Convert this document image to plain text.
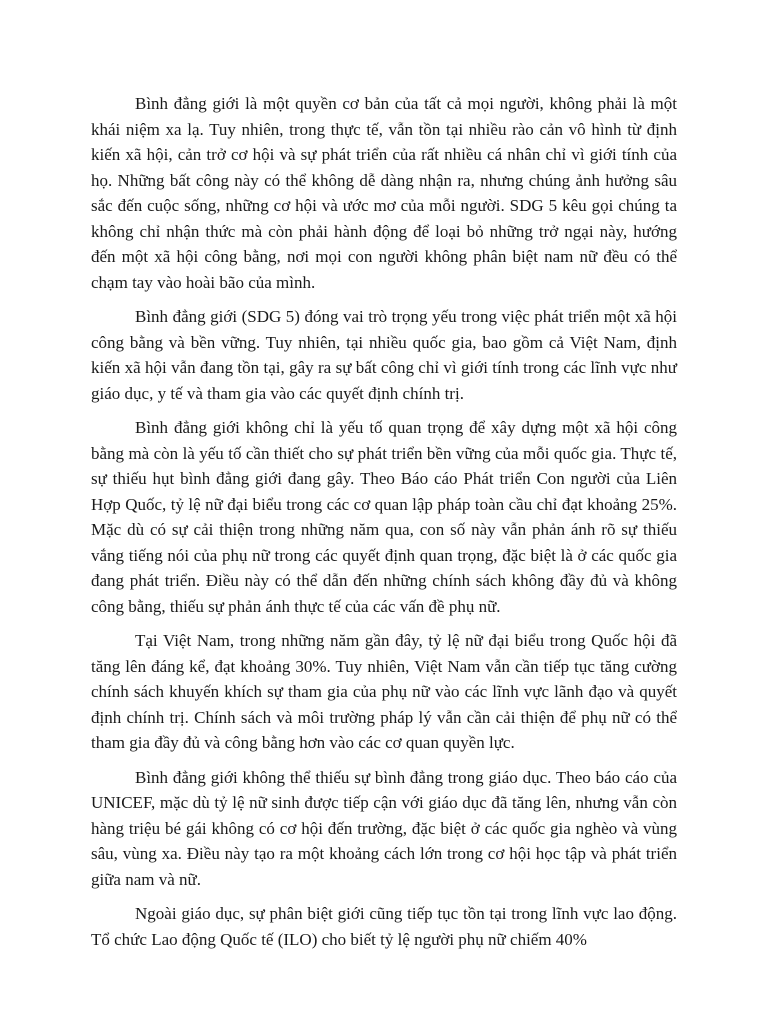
Bình đẳng giới là một quyền cơ bản của tất cả mọi người, không phải là một khái niệm xa lạ. Tuy nhiên, trong thực tế, vẫn tồn tại nhiều rào cản vô hình từ định kiến xã hội, cản trở cơ hội và sự phát triển của rất nhiều cá nhân chỉ vì giới tính của họ. Những bất công này có thể không dễ dàng nhận ra, nhưng chúng ảnh hưởng sâu sắc đến cuộc sống, những cơ hội và ước mơ của mỗi người. SDG 5 kêu gọi chúng ta không chỉ nhận thức mà còn phải hành động để loại bỏ những trở ngại này, hướng đến một xã hội công bằng, nơi mọi con người không phân biệt nam nữ đều có thể chạm tay vào hoài bão của mình.

Bình đẳng giới (SDG 5) đóng vai trò trọng yếu trong việc phát triển một xã hội công bằng và bền vững. Tuy nhiên, tại nhiều quốc gia, bao gồm cả Việt Nam, định kiến xã hội vẫn đang tồn tại, gây ra sự bất công chỉ vì giới tính trong các lĩnh vực như giáo dục, y tế và tham gia vào các quyết định chính trị.

Bình đẳng giới không chỉ là yếu tố quan trọng để xây dựng một xã hội công bằng mà còn là yếu tố cần thiết cho sự phát triển bền vững của mỗi quốc gia. Thực tế, sự thiếu hụt bình đẳng giới đang gây. Theo Báo cáo Phát triển Con người của Liên Hợp Quốc, tỷ lệ nữ đại biểu trong các cơ quan lập pháp toàn cầu chỉ đạt khoảng 25%. Mặc dù có sự cải thiện trong những năm qua, con số này vẫn phản ánh rõ sự thiếu vắng tiếng nói của phụ nữ trong các quyết định quan trọng, đặc biệt là ở các quốc gia đang phát triển. Điều này có thể dẫn đến những chính sách không đầy đủ và không công bằng, thiếu sự phản ánh thực tế của các vấn đề phụ nữ.

Tại Việt Nam, trong những năm gần đây, tỷ lệ nữ đại biểu trong Quốc hội đã tăng lên đáng kể, đạt khoảng 30%. Tuy nhiên, Việt Nam vẫn cần tiếp tục tăng cường chính sách khuyến khích sự tham gia của phụ nữ vào các lĩnh vực lãnh đạo và quyết định chính trị. Chính sách và môi trường pháp lý vẫn cần cải thiện để phụ nữ có thể tham gia đầy đủ và công bằng hơn vào các cơ quan quyền lực.

Bình đẳng giới không thể thiếu sự bình đẳng trong giáo dục. Theo báo cáo của UNICEF, mặc dù tỷ lệ nữ sinh được tiếp cận với giáo dục đã tăng lên, nhưng vẫn còn hàng triệu bé gái không có cơ hội đến trường, đặc biệt ở các quốc gia nghèo và vùng sâu, vùng xa. Điều này tạo ra một khoảng cách lớn trong cơ hội học tập và phát triển giữa nam và nữ.

Ngoài giáo dục, sự phân biệt giới cũng tiếp tục tồn tại trong lĩnh vực lao động. Tổ chức Lao động Quốc tế (ILO) cho biết tỷ lệ người phụ nữ chiếm 40%
